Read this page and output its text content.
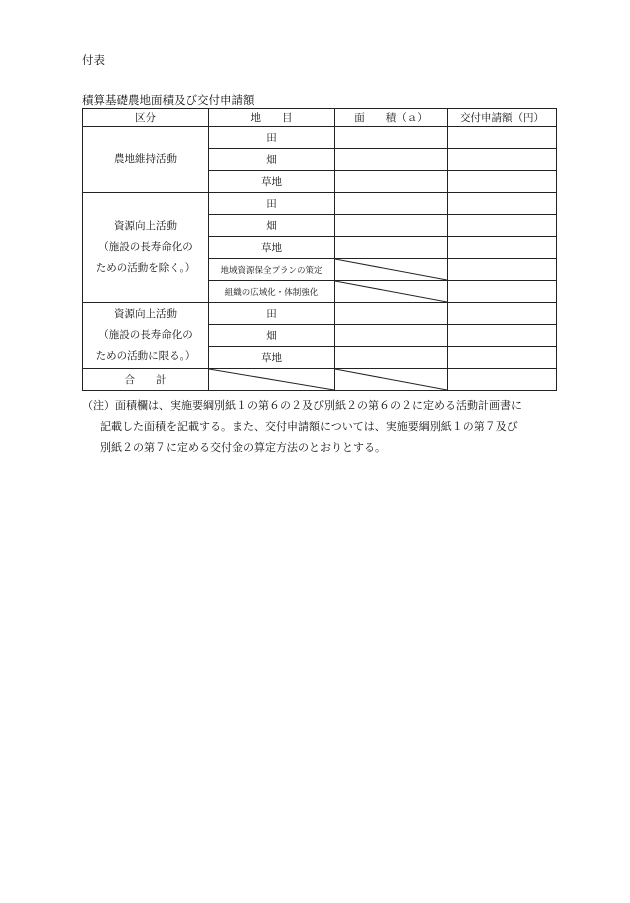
付表
積算基礎農地面積及び交付申請額
区分	地　　目	面　　積（ａ）	交付申請額（円）

農地維持活動	田		
	畑		
	草地		

資源向上活動
（施設の長寿命化の
ための活動を除く。）	田		
	畑		
	草地		
	地域資源保全プランの策定	

	組織の広域化・体制強化	

資源向上活動
（施設の長寿命化の
ための活動に限る。）	田		
	畑		
	草地		
合　　計	

（注）面積欄は、実施要綱別紙１の第６の２及び別紙２の第６の２に定める活動計画書に
記載した面積を記載する。また、交付申請額については、実施要綱別紙１の第７及び
別紙２の第７に定める交付金の算定方法のとおりとする。
